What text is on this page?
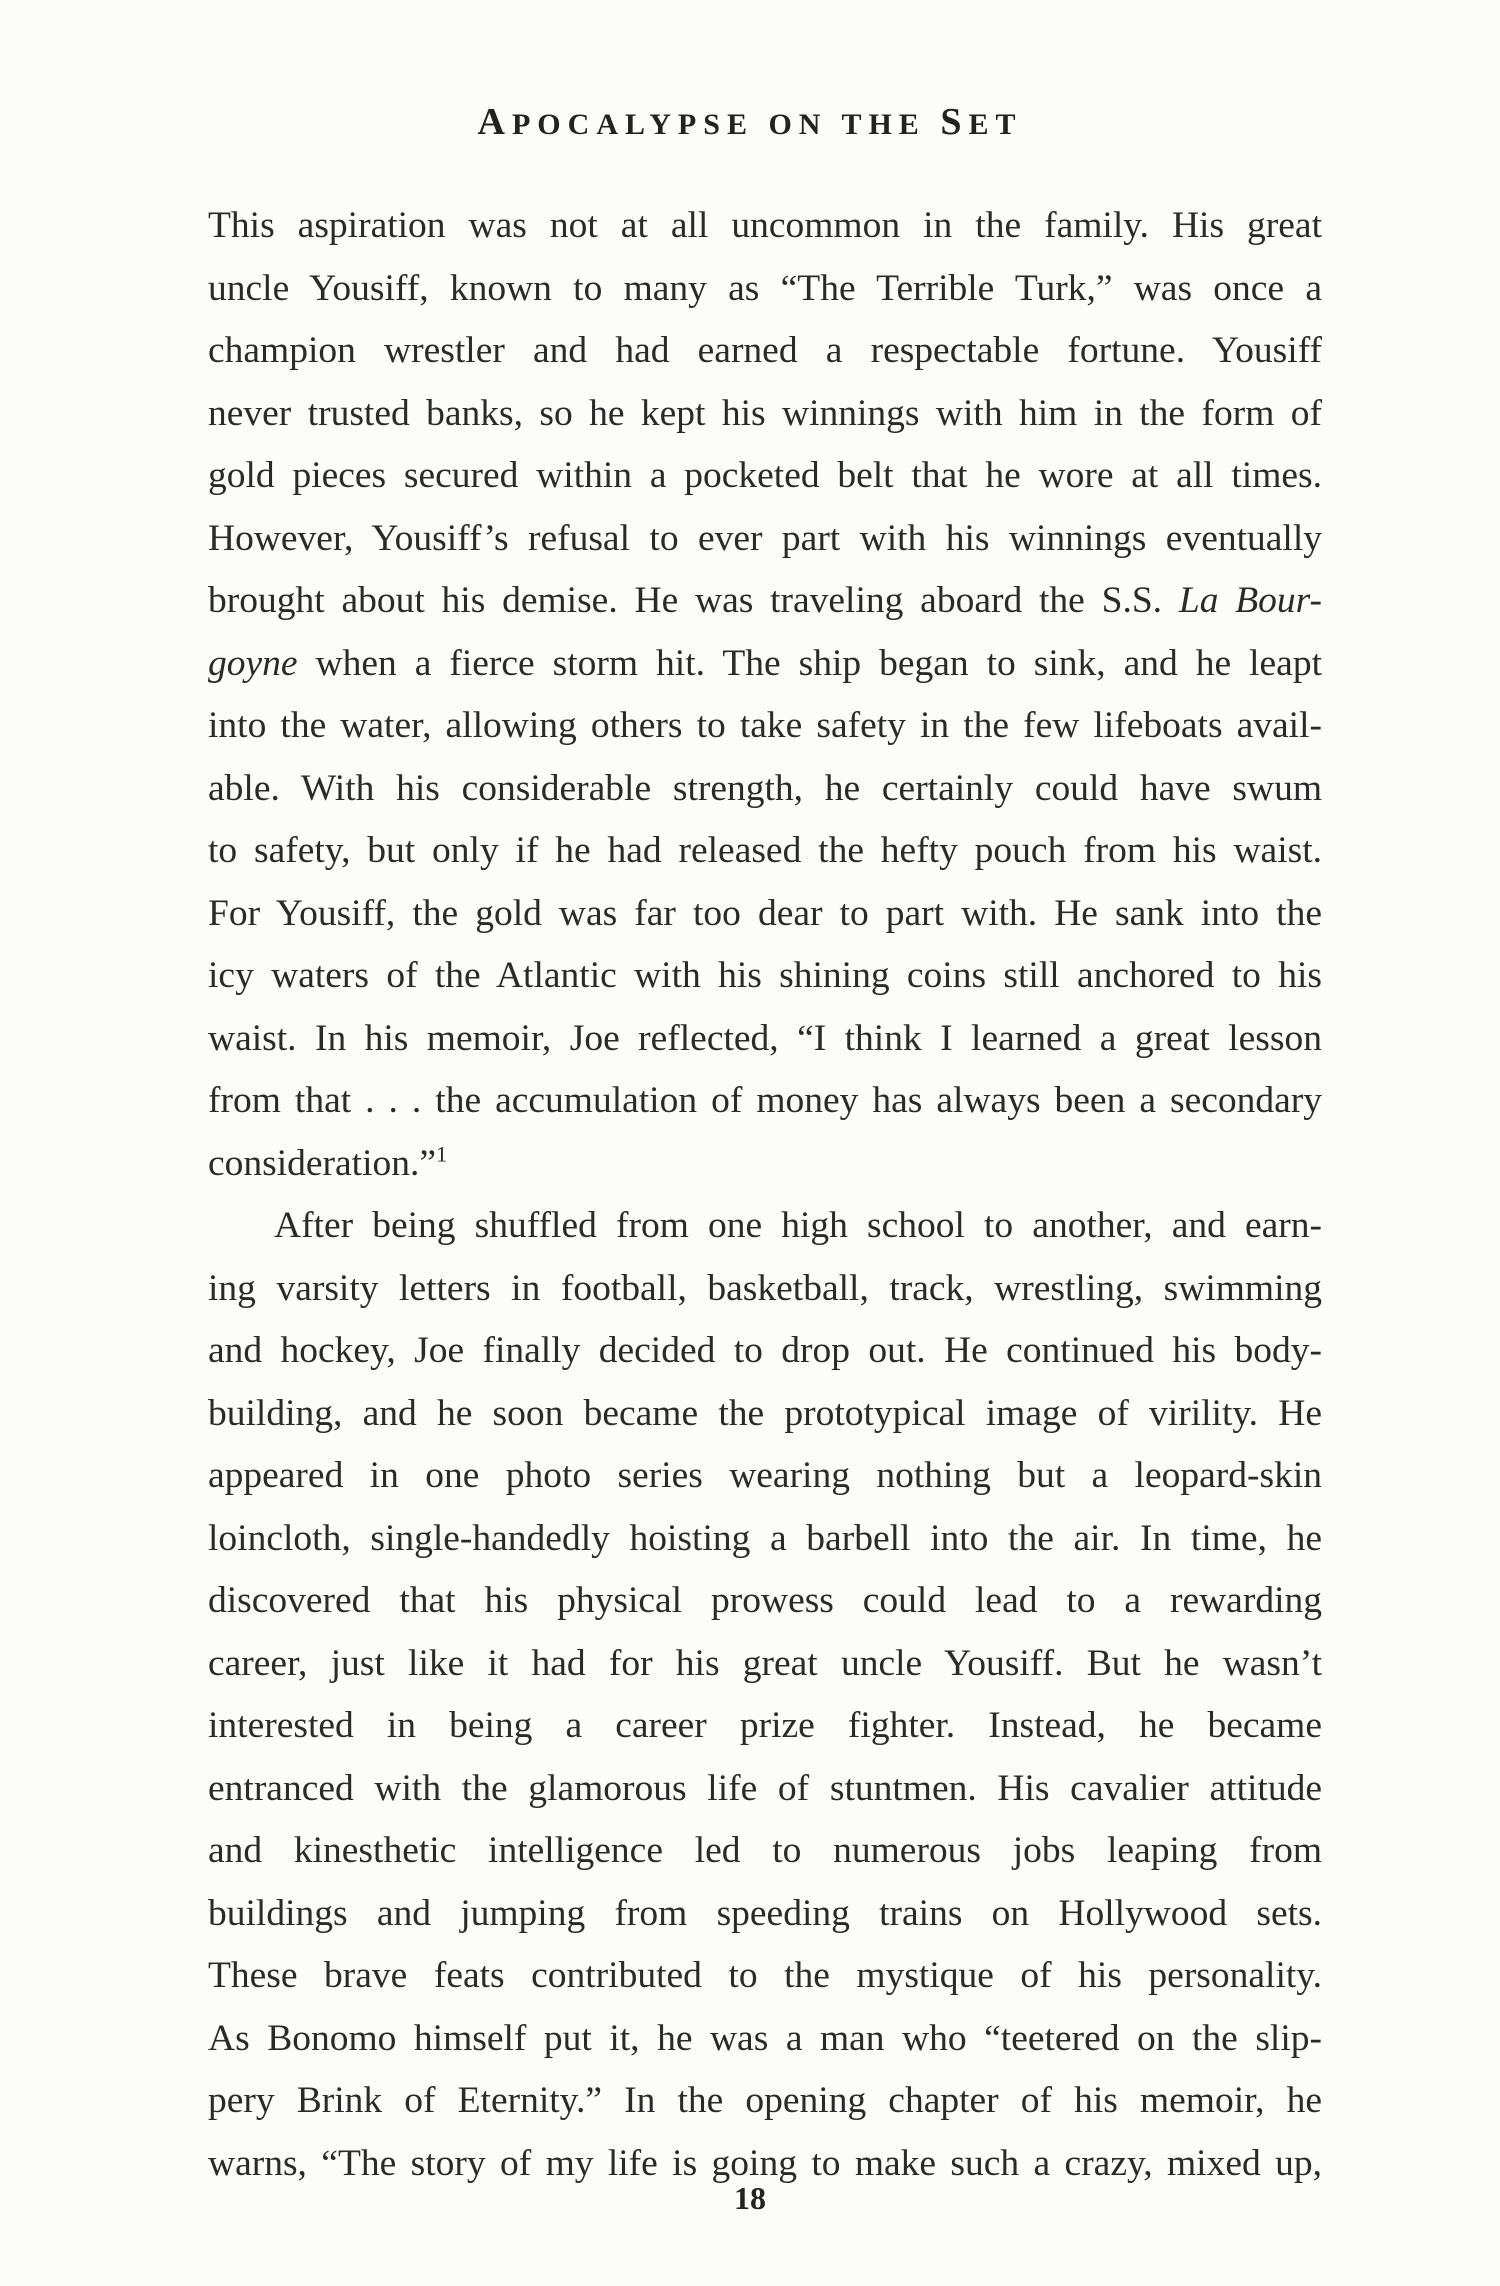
APOCALYPSE ON THE SET
This aspiration was not at all uncommon in the family. His great
uncle Yousiff, known to many as “The Terrible Turk,” was once a
champion wrestler and had earned a respectable fortune. Yousiff
never trusted banks, so he kept his winnings with him in the form of
gold pieces secured within a pocketed belt that he wore at all times.
However, Yousiff’s refusal to ever part with his winnings eventually
brought about his demise. He was traveling aboard the S.S. La Bour-
goyne when a fierce storm hit. The ship began to sink, and he leapt
into the water, allowing others to take safety in the few lifeboats avail-
able. With his considerable strength, he certainly could have swum
to safety, but only if he had released the hefty pouch from his waist.
For Yousiff, the gold was far too dear to part with. He sank into the
icy waters of the Atlantic with his shining coins still anchored to his
waist. In his memoir, Joe reflected, “I think I learned a great lesson
from that . . . the accumulation of money has always been a secondary
consideration.”$^1$
After being shuffled from one high school to another, and earn-
ing varsity letters in football, basketball, track, wrestling, swimming
and hockey, Joe finally decided to drop out. He continued his body-
building, and he soon became the prototypical image of virility. He
appeared in one photo series wearing nothing but a leopard-skin
loincloth, single-handedly hoisting a barbell into the air. In time, he
discovered that his physical prowess could lead to a rewarding
career, just like it had for his great uncle Yousiff. But he wasn’t
interested in being a career prize fighter. Instead, he became
entranced with the glamorous life of stuntmen. His cavalier attitude
and kinesthetic intelligence led to numerous jobs leaping from
buildings and jumping from speeding trains on Hollywood sets.
These brave feats contributed to the mystique of his personality.
As Bonomo himself put it, he was a man who “teetered on the slip-
pery Brink of Eternity.” In the opening chapter of his memoir, he
warns, “The story of my life is going to make such a crazy, mixed up,
18
